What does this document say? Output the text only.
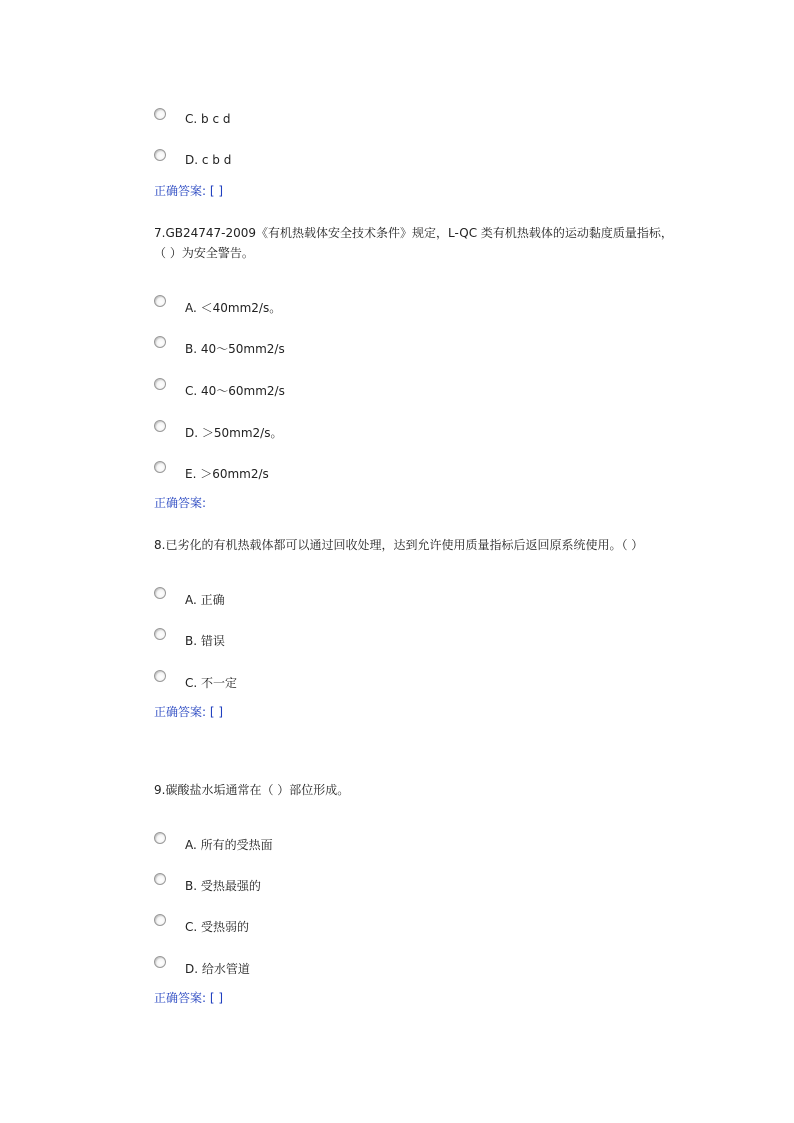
C. b c d
D. c b d
正确答案: [ ]
7.GB24747-2009《有机热载体安全技术条件》规定，L-QC 类有机热载体的运动黏度质量指标，
（ ）为安全警告。
A. ＜40mm2/s。
B. 40～50mm2/s
C. 40～60mm2/s
D. ＞50mm2/s。
E. ＞60mm2/s
正确答案:
8.已劣化的有机热载体都可以通过回收处理，达到允许使用质量指标后返回原系统使用。（ ）
A. 正确
B. 错误
C. 不一定
正确答案: [ ]
9.碳酸盐水垢通常在（ ）部位形成。
A. 所有的受热面
B. 受热最强的
C. 受热弱的
D. 给水管道
正确答案: [ ]
